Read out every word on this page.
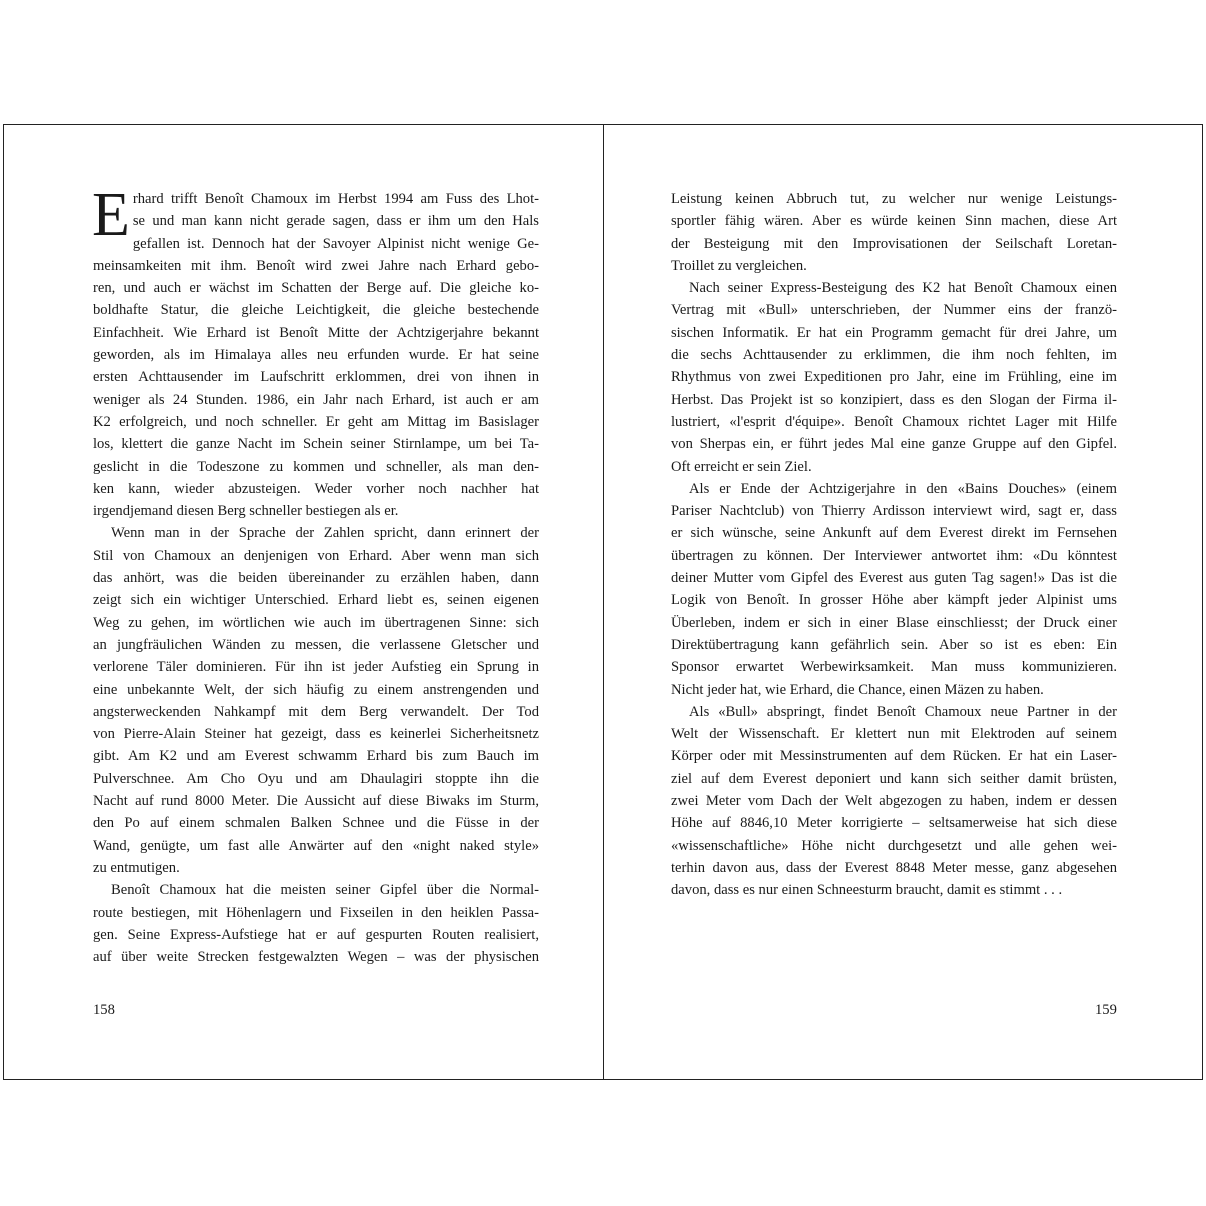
E rhard trifft Benoît Chamoux im Herbst 1994 am Fuss des Lhot-
se und man kann nicht gerade sagen, dass er ihm um den Hals
gefallen ist. Dennoch hat der Savoyer Alpinist nicht wenige Ge-
meinsamkeiten mit ihm. Benoît wird zwei Jahre nach Erhard gebo-
ren, und auch er wächst im Schatten der Berge auf. Die gleiche ko-
boldhafte Statur, die gleiche Leichtigkeit, die gleiche bestechende
Einfachheit. Wie Erhard ist Benoît Mitte der Achtzigerjahre bekannt
geworden, als im Himalaya alles neu erfunden wurde. Er hat seine
ersten Achttausender im Laufschritt erklommen, drei von ihnen in
weniger als 24 Stunden. 1986, ein Jahr nach Erhard, ist auch er am
K2 erfolgreich, und noch schneller. Er geht am Mittag im Basislager
los, klettert die ganze Nacht im Schein seiner Stirnlampe, um bei Ta-
geslicht in die Todeszone zu kommen und schneller, als man den-
ken kann, wieder abzusteigen. Weder vorher noch nachher hat
irgendjemand diesen Berg schneller bestiegen als er.
Wenn man in der Sprache der Zahlen spricht, dann erinnert der
Stil von Chamoux an denjenigen von Erhard. Aber wenn man sich
das anhört, was die beiden übereinander zu erzählen haben, dann
zeigt sich ein wichtiger Unterschied. Erhard liebt es, seinen eigenen
Weg zu gehen, im wörtlichen wie auch im übertragenen Sinne: sich
an jungfräulichen Wänden zu messen, die verlassene Gletscher und
verlorene Täler dominieren. Für ihn ist jeder Aufstieg ein Sprung in
eine unbekannte Welt, der sich häufig zu einem anstrengenden und
angsterweckenden Nahkampf mit dem Berg verwandelt. Der Tod
von Pierre-Alain Steiner hat gezeigt, dass es keinerlei Sicherheitsnetz
gibt. Am K2 und am Everest schwamm Erhard bis zum Bauch im
Pulverschnee. Am Cho Oyu und am Dhaulagiri stoppte ihn die
Nacht auf rund 8000 Meter. Die Aussicht auf diese Biwaks im Sturm,
den Po auf einem schmalen Balken Schnee und die Füsse in der
Wand, genügte, um fast alle Anwärter auf den «night naked style»
zu entmutigen.
Benoît Chamoux hat die meisten seiner Gipfel über die Normal-
route bestiegen, mit Höhenlagern und Fixseilen in den heiklen Passa-
gen. Seine Express-Aufstiege hat er auf gespurten Routen realisiert,
auf über weite Strecken festgewalzten Wegen – was der physischen
158
Leistung keinen Abbruch tut, zu welcher nur wenige Leistungs-
sportler fähig wären. Aber es würde keinen Sinn machen, diese Art
der Besteigung mit den Improvisationen der Seilschaft Loretan-
Troillet zu vergleichen.
Nach seiner Express-Besteigung des K2 hat Benoît Chamoux einen
Vertrag mit «Bull» unterschrieben, der Nummer eins der franzö-
sischen Informatik. Er hat ein Programm gemacht für drei Jahre, um
die sechs Achttausender zu erklimmen, die ihm noch fehlten, im
Rhythmus von zwei Expeditionen pro Jahr, eine im Frühling, eine im
Herbst. Das Projekt ist so konzipiert, dass es den Slogan der Firma il-
lustriert, «l'esprit d'équipe». Benoît Chamoux richtet Lager mit Hilfe
von Sherpas ein, er führt jedes Mal eine ganze Gruppe auf den Gipfel.
Oft erreicht er sein Ziel.
Als er Ende der Achtzigerjahre in den «Bains Douches» (einem
Pariser Nachtclub) von Thierry Ardisson interviewt wird, sagt er, dass
er sich wünsche, seine Ankunft auf dem Everest direkt im Fernsehen
übertragen zu können. Der Interviewer antwortet ihm: «Du könntest
deiner Mutter vom Gipfel des Everest aus guten Tag sagen!» Das ist die
Logik von Benoît. In grosser Höhe aber kämpft jeder Alpinist ums
Überleben, indem er sich in einer Blase einschliesst; der Druck einer
Direktübertragung kann gefährlich sein. Aber so ist es eben: Ein
Sponsor erwartet Werbewirksamkeit. Man muss kommunizieren.
Nicht jeder hat, wie Erhard, die Chance, einen Mäzen zu haben.
Als «Bull» abspringt, findet Benoît Chamoux neue Partner in der
Welt der Wissenschaft. Er klettert nun mit Elektroden auf seinem
Körper oder mit Messinstrumenten auf dem Rücken. Er hat ein Laser-
ziel auf dem Everest deponiert und kann sich seither damit brüsten,
zwei Meter vom Dach der Welt abgezogen zu haben, indem er dessen
Höhe auf 8846,10 Meter korrigierte – seltsamerweise hat sich diese
«wissenschaftliche» Höhe nicht durchgesetzt und alle gehen wei-
terhin davon aus, dass der Everest 8848 Meter messe, ganz abgesehen
davon, dass es nur einen Schneesturm braucht, damit es stimmt . . .
159
